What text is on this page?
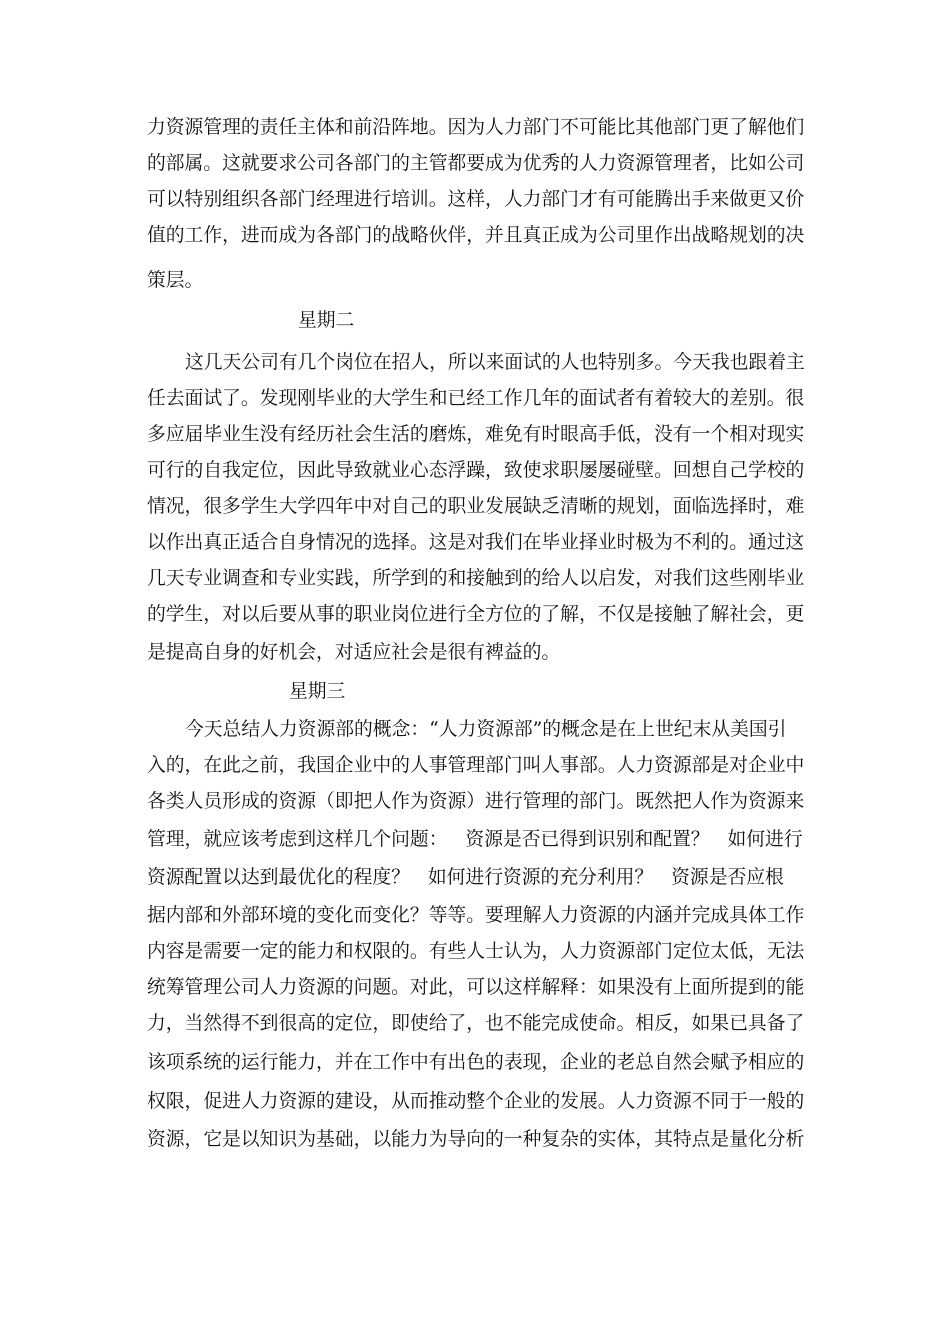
力资源管理的责任主体和前沿阵地。因为人力部门不可能比其他部门更了解他们
的部属。这就要求公司各部门的主管都要成为优秀的人力资源管理者，比如公司
可以特别组织各部门经理进行培训。这样，人力部门才有可能腾出手来做更又价
值的工作，进而成为各部门的战略伙伴，并且真正成为公司里作出战略规划的决
策层。
星期二
这几天公司有几个岗位在招人，所以来面试的人也特别多。今天我也跟着主
任去面试了。发现刚毕业的大学生和已经工作几年的面试者有着较大的差别。很
多应届毕业生没有经历社会生活的磨炼，难免有时眼高手低，没有一个相对现实
可行的自我定位，因此导致就业心态浮躁，致使求职屡屡碰壁。回想自己学校的
情况，很多学生大学四年中对自己的职业发展缺乏清晰的规划，面临选择时，难
以作出真正适合自身情况的选择。这是对我们在毕业择业时极为不利的。通过这
几天专业调查和专业实践，所学到的和接触到的给人以启发，对我们这些刚毕业
的学生，对以后要从事的职业岗位进行全方位的了解，不仅是接触了解社会，更
是提高自身的好机会，对适应社会是很有裨益的。
星期三
今天总结人力资源部的概念：“人力资源部”的概念是在上世纪末从美国引
入的，在此之前，我国企业中的人事管理部门叫人事部。人力资源部是对企业中
各类人员形成的资源（即把人作为资源）进行管理的部门。既然把人作为资源来
管理，就应该考虑到这样几个问题：   资源是否已得到识别和配置？   如何进行
资源配置以达到最优化的程度？   如何进行资源的充分利用？   资源是否应根
据内部和外部环境的变化而变化？等等。要理解人力资源的内涵并完成具体工作
内容是需要一定的能力和权限的。有些人士认为，人力资源部门定位太低，无法
统筹管理公司人力资源的问题。对此，可以这样解释：如果没有上面所提到的能
力，当然得不到很高的定位，即使给了，也不能完成使命。相反，如果已具备了
该项系统的运行能力，并在工作中有出色的表现，企业的老总自然会赋予相应的
权限，促进人力资源的建设，从而推动整个企业的发展。人力资源不同于一般的
资源，它是以知识为基础，以能力为导向的一种复杂的实体，其特点是量化分析
